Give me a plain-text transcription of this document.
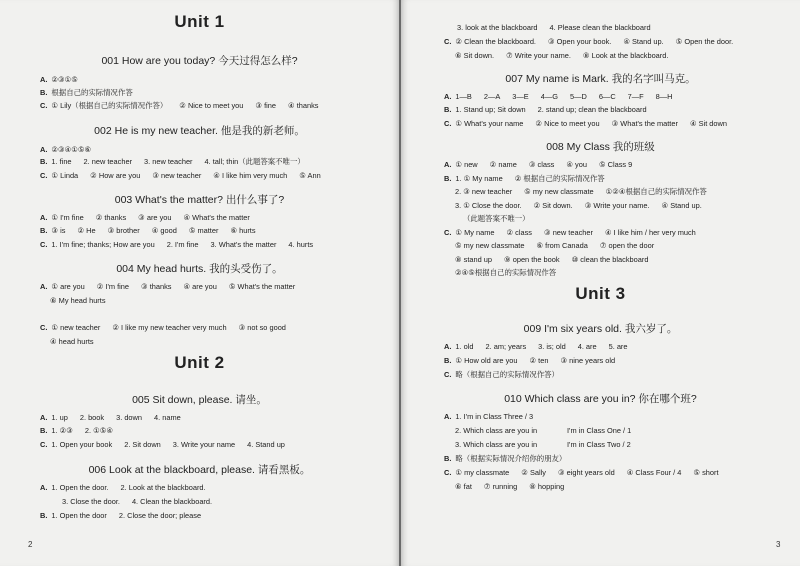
Unit 1

001 How are you today? 今天过得怎么样?

A. ②③①⑤
B. 根据自己的实际情况作答
C. ① Lily（根据自己的实际情况作答） ② Nice to meet you ③ fine ④ thanks

002 He is my new teacher. 他是我的新老师。

A. ②③④①⑤⑥
B. 1. fine 2. new teacher 3. new teacher 4. tall; thin（此题答案不唯一）
C. ① Linda ② How are you ③ new teacher ④ I like him very much ⑤ Ann

003 What's the matter? 出什么事了?

A. ① I'm fine ② thanks ③ are you ④ What's the matter
B. ③ is ② He ③ brother ④ good ⑤ matter ⑥ hurts
C. 1. I'm fine; thanks; How are you 2. I'm fine 3. What's the matter 4. hurts

004 My head hurts. 我的头受伤了。

A. ① are you ② I'm fine ③ thanks ④ are you ⑤ What's the matter
⑥ My head hurts
C. ① new teacher ② I like my new teacher very much ③ not so good
④ head hurts
Unit 2

005 Sit down, please. 请坐。

A. 1. up 2. book 3. down 4. name
B. 1. ②③ 2. ①⑤④
C. 1. Open your book 2. Sit down 3. Write your name 4. Stand up

006 Look at the blackboard, please. 请看黑板。

A. 1. Open the door. 2. Look at the blackboard.
3. Close the door. 4. Clean the blackboard.
B. 1. Open the door 2. Close the door; please
2
3. look at the blackboard 4. Please clean the blackboard
C. ② Clean the blackboard. ③ Open your book. ④ Stand up. ⑤ Open the door.
⑥ Sit down. ⑦ Write your name. ⑧ Look at the blackboard.

007 My name is Mark. 我的名字叫马克。

A. 1—B 2—A 3—E 4—G 5—D 6—C 7—F 8—H
B. 1. Stand up; Sit down 2. stand up; clean the blackboard
C. ① What's your name ② Nice to meet you ③ What's the matter ④ Sit down

008 My Class 我的班级

A. ① new ② name ③ class ④ you ⑤ Class 9
B. 1. ① My name ② 根据自己的实际情况作答
2. ③ new teacher ⑤ my new classmate ①②④根据自己的实际情况作答
3. ① Close the door. ② Sit down. ③ Write your name. ④ Stand up.
（此题答案不唯一）
C. ① My name ② class ③ new teacher ④ I like him / her very much
⑤ my new classmate ⑥ from Canada ⑦ open the door
⑧ stand up ⑨ open the book ⑩ clean the blackboard
②④⑤根据自己的实际情况作答
Unit 3

009 I'm six years old. 我六岁了。

A. 1. old 2. am; years 3. is; old 4. are 5. are
B. ① How old are you ② ten ③ nine years old
C. 略（根据自己的实际情况作答）

010 Which class are you in? 你在哪个班?

A. 1. I'm in Class Three / 3
2. Which class are you in	I'm in Class One / 1
3. Which class are you in	I'm in Class Two / 2
B. 略（根据实际情况介绍你的朋友）
C. ① my classmate ② Sally ③ eight years old ④ Class Four / 4 ⑤ short
⑥ fat ⑦ running ⑧ hopping
3
